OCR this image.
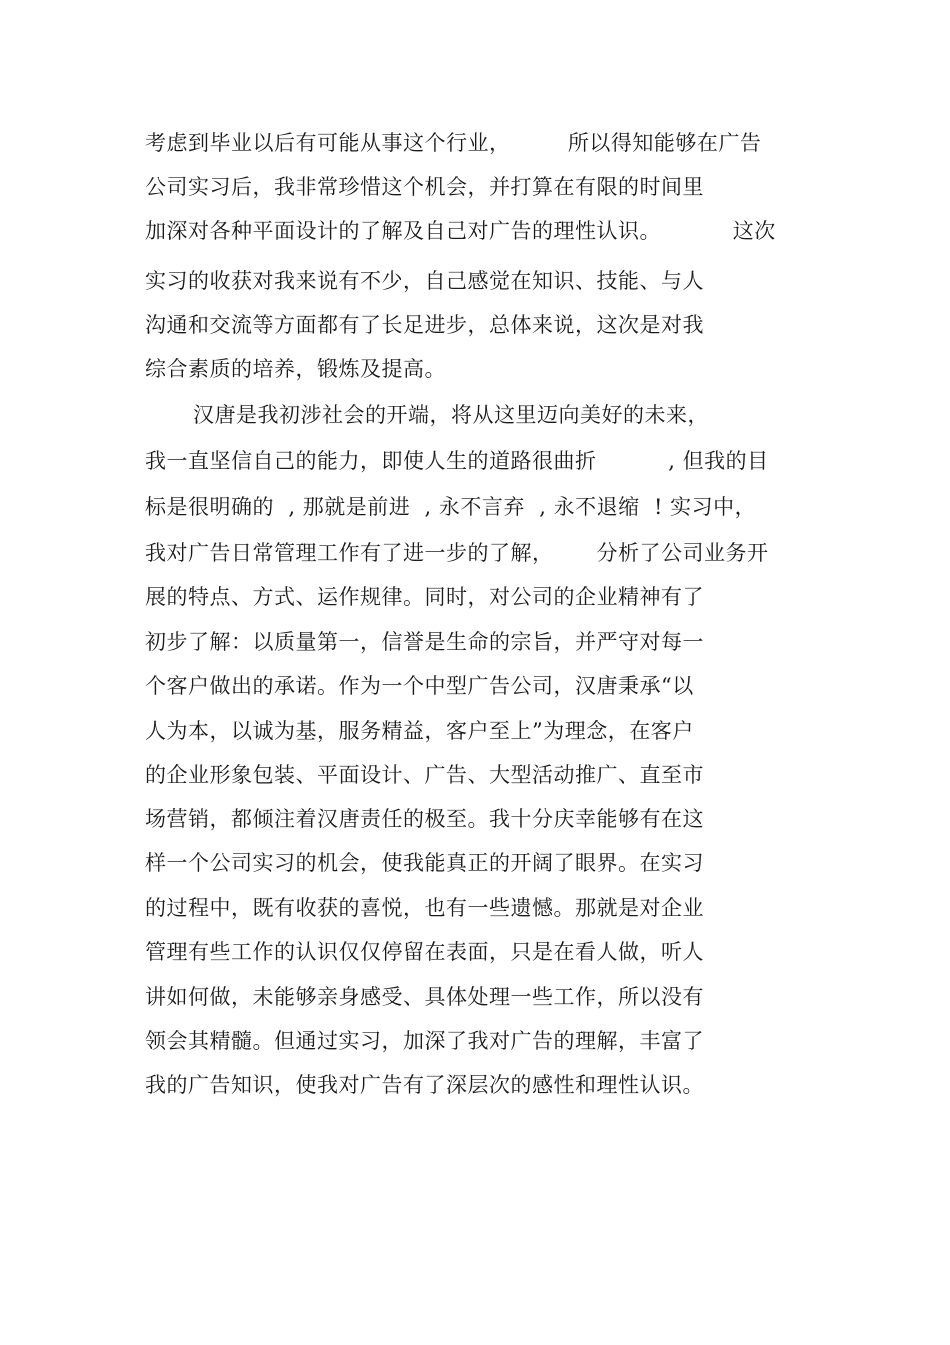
考虑到毕业以后有可能从事这个行业，        所以得知能够在广告
公司实习后，我非常珍惜这个机会，并打算在有限的时间里
加深对各种平面设计的了解及自己对广告的理性认识。          这次
实习的收获对我来说有不少，自己感觉在知识、技能、与人
沟通和交流等方面都有了长足进步，总体来说，这次是对我
综合素质的培养，锻炼及提高。
汉唐是我初涉社会的开端，将从这里迈向美好的未来，
我一直坚信自己的能力，即使人生的道路很曲折          , 但我的目
标是很明确的  , 那就是前进  , 永不言弃  , 永不退缩  ! 实习中，
我对广告日常管理工作有了进一步的了解，      分析了公司业务开
展的特点、方式、运作规律。同时，对公司的企业精神有了
初步了解：以质量第一，信誉是生命的宗旨，并严守对每一
个客户做出的承诺。作为一个中型广告公司，汉唐秉承“以
人为本，以诚为基，服务精益，客户至上”为理念，在客户
的企业形象包装、平面设计、广告、大型活动推广、直至市
场营销，都倾注着汉唐责任的极至。我十分庆幸能够有在这
样一个公司实习的机会，使我能真正的开阔了眼界。在实习
的过程中，既有收获的喜悦，也有一些遗憾。那就是对企业
管理有些工作的认识仅仅停留在表面，只是在看人做，听人
讲如何做，未能够亲身感受、具体处理一些工作，所以没有
领会其精髓。但通过实习，加深了我对广告的理解，丰富了
我的广告知识，使我对广告有了深层次的感性和理性认识。
